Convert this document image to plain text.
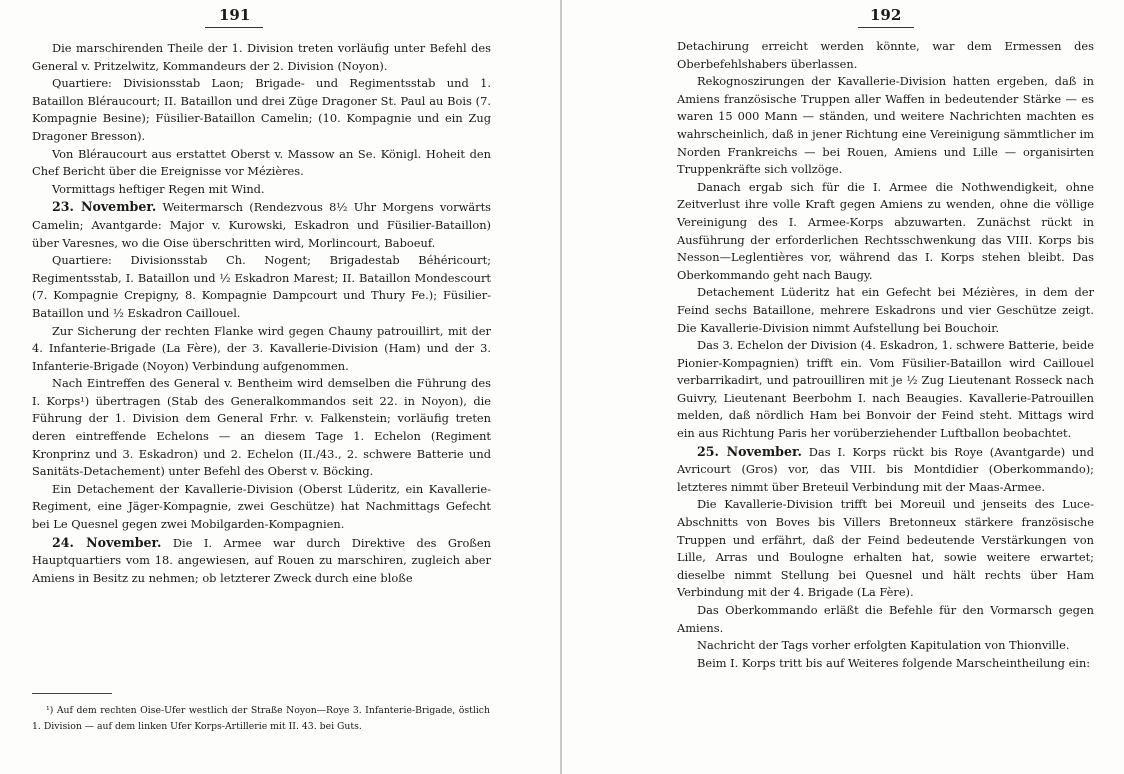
191

Die marschirenden Theile der 1. Division treten vorläufig unter Befehl des General v. Pritzelwitz, Kommandeurs der 2. Division (Noyon).

Quartiere: Divisionsstab Laon; Brigade- und Regimentsstab und 1. Bataillon Bléraucourt; II. Bataillon und drei Züge Dragoner St. Paul au Bois (7. Kompagnie Besine); Füsilier-Bataillon Camelin; (10. Kompagnie und ein Zug Dragoner Bresson).

Von Bléraucourt aus erstattet Oberst v. Massow an Se. Königl. Hoheit den Chef Bericht über die Ereignisse vor Mézières.

Vormittags heftiger Regen mit Wind.

23. November. Weitermarsch (Rendezvous 8½ Uhr Morgens vorwärts Camelin; Avantgarde: Major v. Kurowski, Eskadron und Füsilier-Bataillon) über Varesnes, wo die Oise überschritten wird, Morlincourt, Baboeuf.

Quartiere: Divisionsstab Ch. Nogent; Brigadestab Béhéricourt; Regimentsstab, I. Bataillon und ½ Eskadron Marest; II. Bataillon Mondescourt (7. Kompagnie Crepigny, 8. Kompagnie Dampcourt und Thury Fe.); Füsilier-Bataillon und ½ Eskadron Caillouel.

Zur Sicherung der rechten Flanke wird gegen Chauny patrouillirt, mit der 4. Infanterie-Brigade (La Fère), der 3. Kavallerie-Division (Ham) und der 3. Infanterie-Brigade (Noyon) Verbindung aufgenommen.

Nach Eintreffen des General v. Bentheim wird demselben die Führung des I. Korps¹) übertragen (Stab des Generalkommandos seit 22. in Noyon), die Führung der 1. Division dem General Frhr. v. Falkenstein; vorläufig treten deren eintreffende Echelons — an diesem Tage 1. Echelon (Regiment Kronprinz und 3. Eskadron) und 2. Echelon (II./43., 2. schwere Batterie und Sanitäts-Detachement) unter Befehl des Oberst v. Böcking.

Ein Detachement der Kavallerie-Division (Oberst Lüderitz, ein Kavallerie-Regiment, eine Jäger-Kompagnie, zwei Geschütze) hat Nachmittags Gefecht bei Le Quesnel gegen zwei Mobilgarden-Kompagnien.

24. November. Die I. Armee war durch Direktive des Großen Hauptquartiers vom 18. angewiesen, auf Rouen zu marschiren, zugleich aber Amiens in Besitz zu nehmen; ob letzterer Zweck durch eine bloße

¹) Auf dem rechten Oise-Ufer westlich der Straße Noyon—Roye 3. Infanterie-Brigade, östlich 1. Division — auf dem linken Ufer Korps-Artillerie mit II. 43. bei Guts.
192

Detachirung erreicht werden könnte, war dem Ermessen des Oberbefehlshabers überlassen.

Rekognoszirungen der Kavallerie-Division hatten ergeben, daß in Amiens französische Truppen aller Waffen in bedeutender Stärke — es waren 15 000 Mann — ständen, und weitere Nachrichten machten es wahrscheinlich, daß in jener Richtung eine Vereinigung sämmtlicher im Norden Frankreichs — bei Rouen, Amiens und Lille — organisirten Truppenkräfte sich vollzöge.

Danach ergab sich für die I. Armee die Nothwendigkeit, ohne Zeitverlust ihre volle Kraft gegen Amiens zu wenden, ohne die völlige Vereinigung des I. Armee-Korps abzuwarten. Zunächst rückt in Ausführung der erforderlichen Rechtsschwenkung das VIII. Korps bis Nesson—Leglentières vor, während das I. Korps stehen bleibt. Das Oberkommando geht nach Baugy.

Detachement Lüderitz hat ein Gefecht bei Mézières, in dem der Feind sechs Bataillone, mehrere Eskadrons und vier Geschütze zeigt. Die Kavallerie-Division nimmt Aufstellung bei Bouchoir.

Das 3. Echelon der Division (4. Eskadron, 1. schwere Batterie, beide Pionier-Kompagnien) trifft ein. Vom Füsilier-Bataillon wird Caillouel verbarrikadirt, und patrouilliren mit je ½ Zug Lieutenant Rosseck nach Guivry, Lieutenant Beerbohm I. nach Beaugies. Kavallerie-Patrouillen melden, daß nördlich Ham bei Bonvoir der Feind steht. Mittags wird ein aus Richtung Paris her vorüberziehender Luftballon beobachtet.

25. November. Das I. Korps rückt bis Roye (Avantgarde) und Avricourt (Gros) vor, das VIII. bis Montdidier (Oberkommando); letzteres nimmt über Breteuil Verbindung mit der Maas-Armee.

Die Kavallerie-Division trifft bei Moreuil und jenseits des Luce-Abschnitts von Boves bis Villers Bretonneux stärkere französische Truppen und erfährt, daß der Feind bedeutende Verstärkungen von Lille, Arras und Boulogne erhalten hat, sowie weitere erwartet; dieselbe nimmt Stellung bei Quesnel und hält rechts über Ham Verbindung mit der 4. Brigade (La Fère).

Das Oberkommando erläßt die Befehle für den Vormarsch gegen Amiens.

Nachricht der Tags vorher erfolgten Kapitulation von Thionville.

Beim I. Korps tritt bis auf Weiteres folgende Marscheintheilung ein:
